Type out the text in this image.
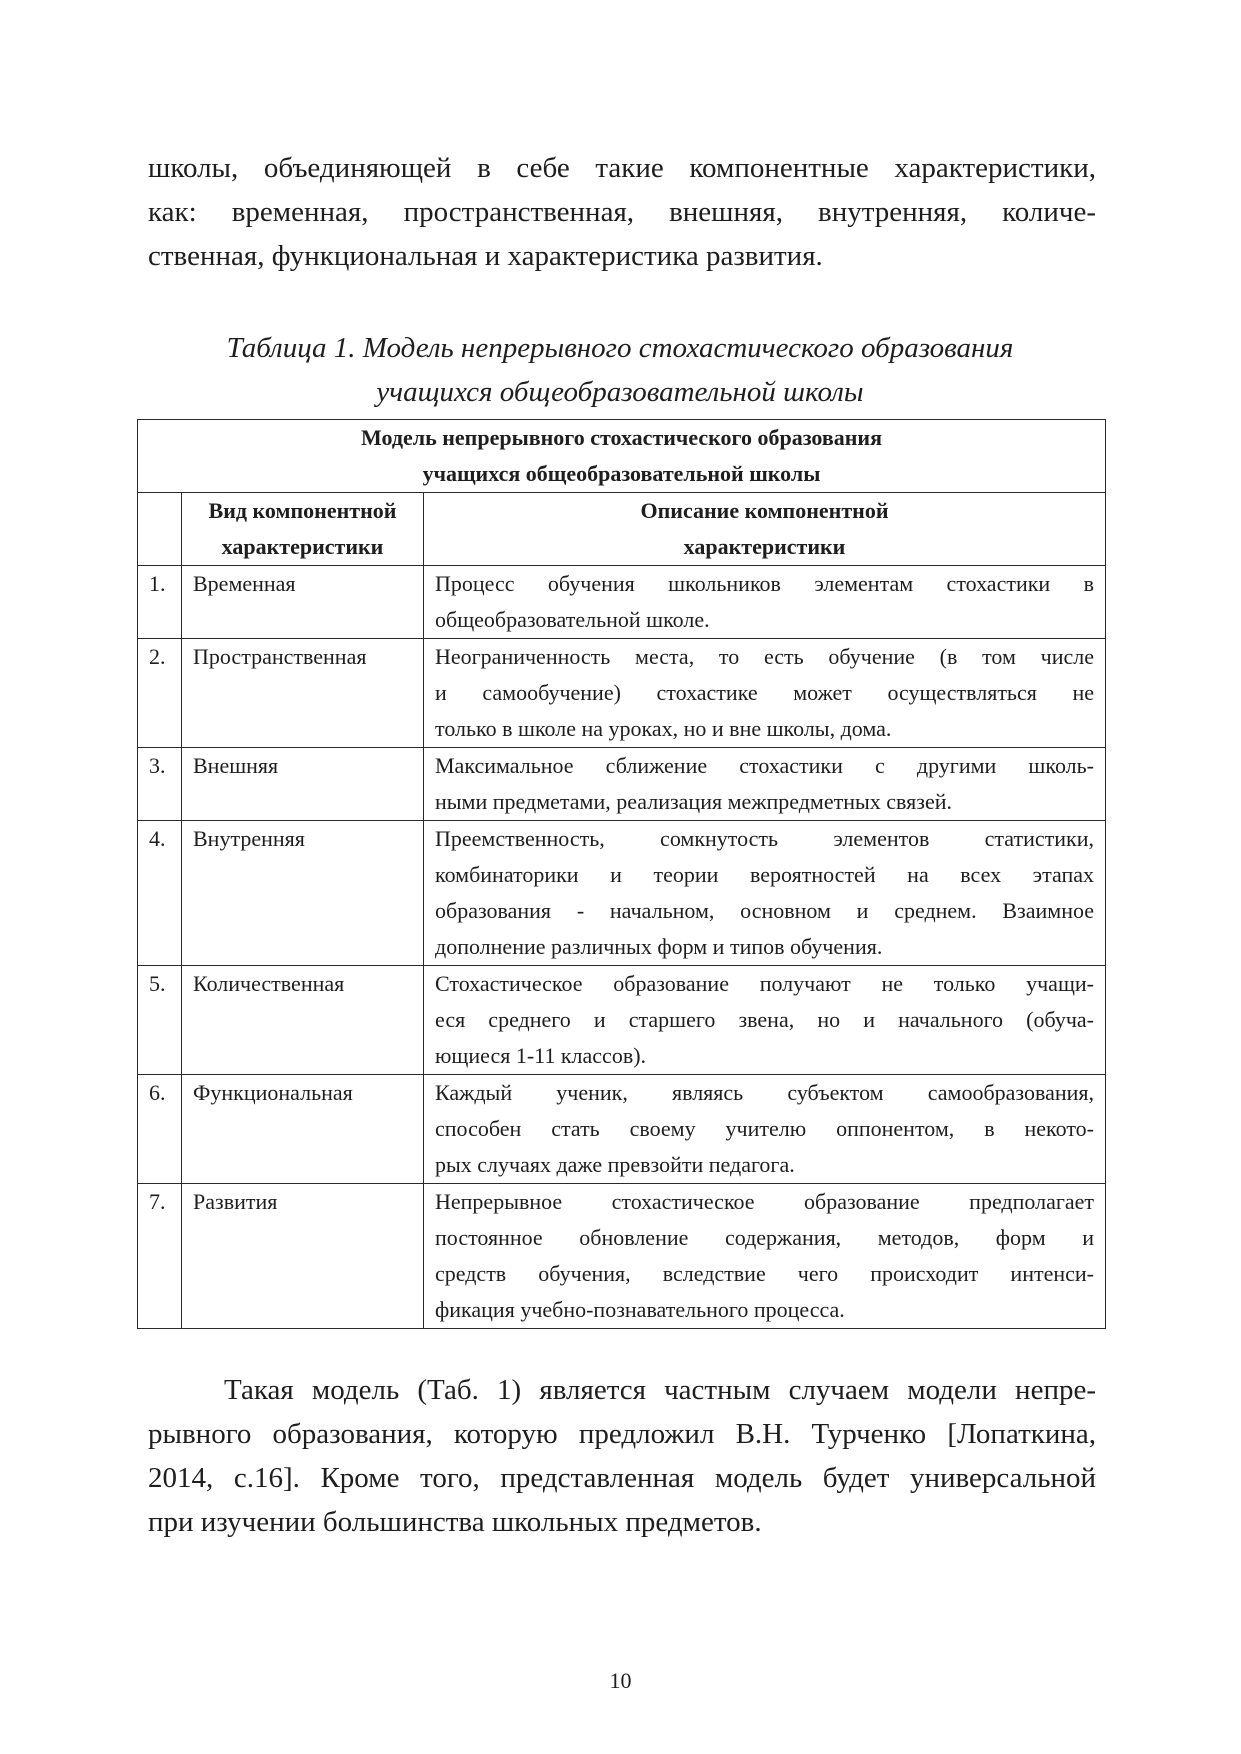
школы, объединяющей в себе такие компонентные характеристики,
как: временная, пространственная, внешняя, внутренняя, количе-
ственная, функциональная и характеристика развития.
Таблица 1. Модель непрерывного стохастического образования
учащихся общеобразовательной школы
Модель непрерывного стохастического образования
учащихся общеобразовательной школы		

	Вид компонентной
характеристики	Описание компонентной
характеристики

1.	Временная	Процесс обучения школьников элементам стохастики в
общеобразовательной школе.

2.	Пространственная	Неограниченность места, то есть обучение (в том числе
и самообучение) стохастике может осуществляться не
только в школе на уроках, но и вне школы, дома.

3.	Внешняя	Максимальное сближение стохастики с другими школь-
ными предметами, реализация межпредметных связей.

4.	Внутренняя	Преемственность, сомкнутость элементов статистики,
комбинаторики и теории вероятностей на всех этапах
образования - начальном, основном и среднем. Взаимное
дополнение различных форм и типов обучения.

5.	Количественная	Стохастическое образование получают не только учащи-
еся среднего и старшего звена, но и начального (обуча-
ющиеся 1-11 классов).

6.	Функциональная	Каждый ученик, являясь субъектом самообразования,
способен стать своему учителю оппонентом, в некото-
рых случаях даже превзойти педагога.

7.	Развития	Непрерывное стохастическое образование предполагает
постоянное обновление содержания, методов, форм и
средств обучения, вследствие чего происходит интенси-
фикация учебно-познавательного процесса.
Такая модель (Таб. 1) является частным случаем модели непре-
рывного образования, которую предложил В.Н. Турченко [Лопаткина,
2014, с.16]. Кроме того, представленная модель будет универсальной
при изучении большинства школьных предметов.
10
